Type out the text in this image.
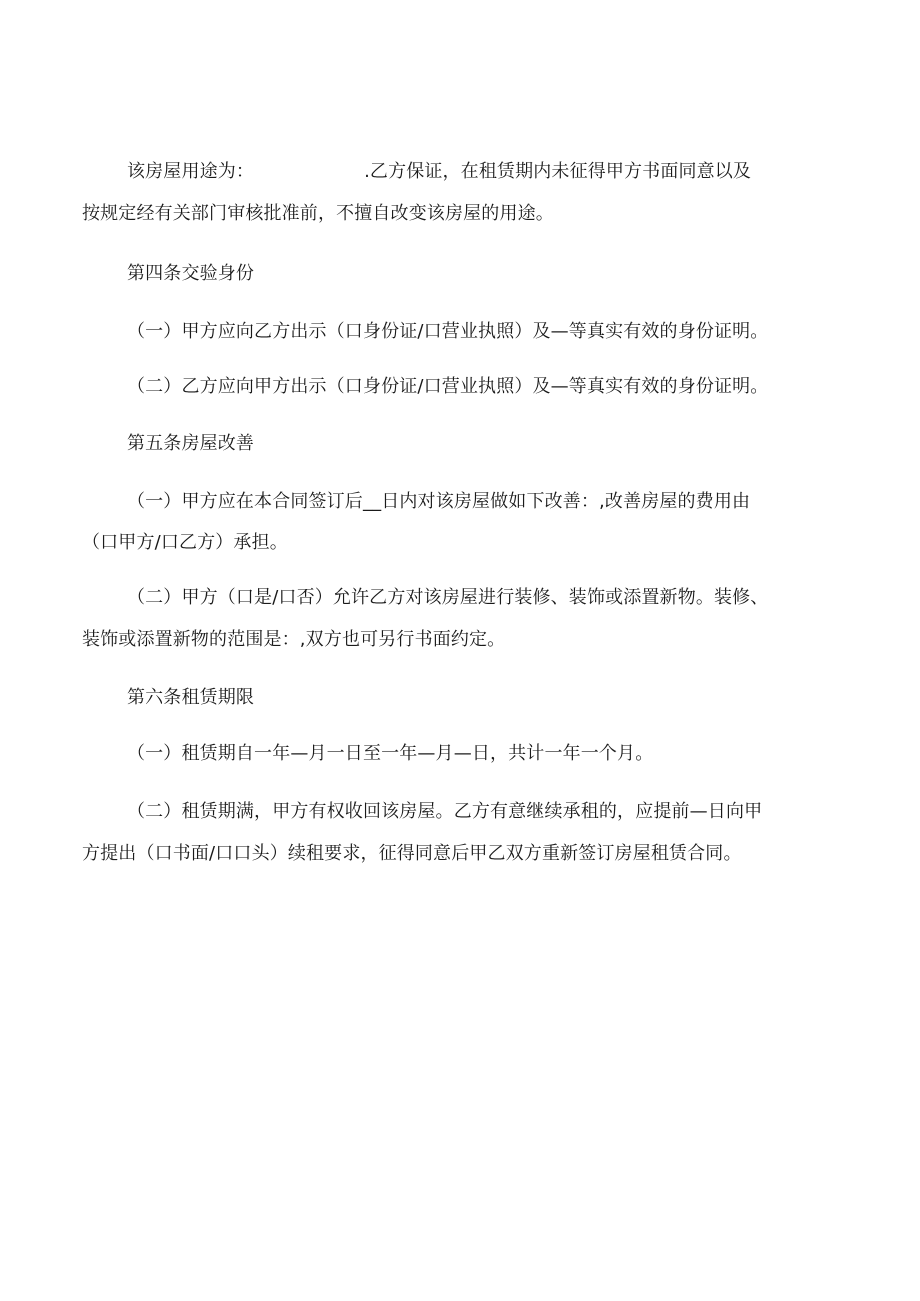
该房屋用途为：	.乙方保证，在租赁期内未征得甲方书面同意以及
按规定经有关部门审核批准前，不擅自改变该房屋的用途。
第四条交验身份
（一）甲方应向乙方出示（口身份证/口营业执照）及—等真实有效的身份证明。
（二）乙方应向甲方出示（口身份证/口营业执照）及—等真实有效的身份证明。
第五条房屋改善
（一）甲方应在本合同签订后__日内对该房屋做如下改善：,改善房屋的费用由
（口甲方/口乙方）承担。
（二）甲方（口是/口否）允许乙方对该房屋进行装修、装饰或添置新物。装修、
装饰或添置新物的范围是：,双方也可另行书面约定。
第六条租赁期限
（一）租赁期自一年—月一日至一年—月—日，共计一年一个月。
（二）租赁期满，甲方有权收回该房屋。乙方有意继续承租的，应提前—日向甲
方提出（口书面/口口头）续租要求，征得同意后甲乙双方重新签订房屋租赁合同。
